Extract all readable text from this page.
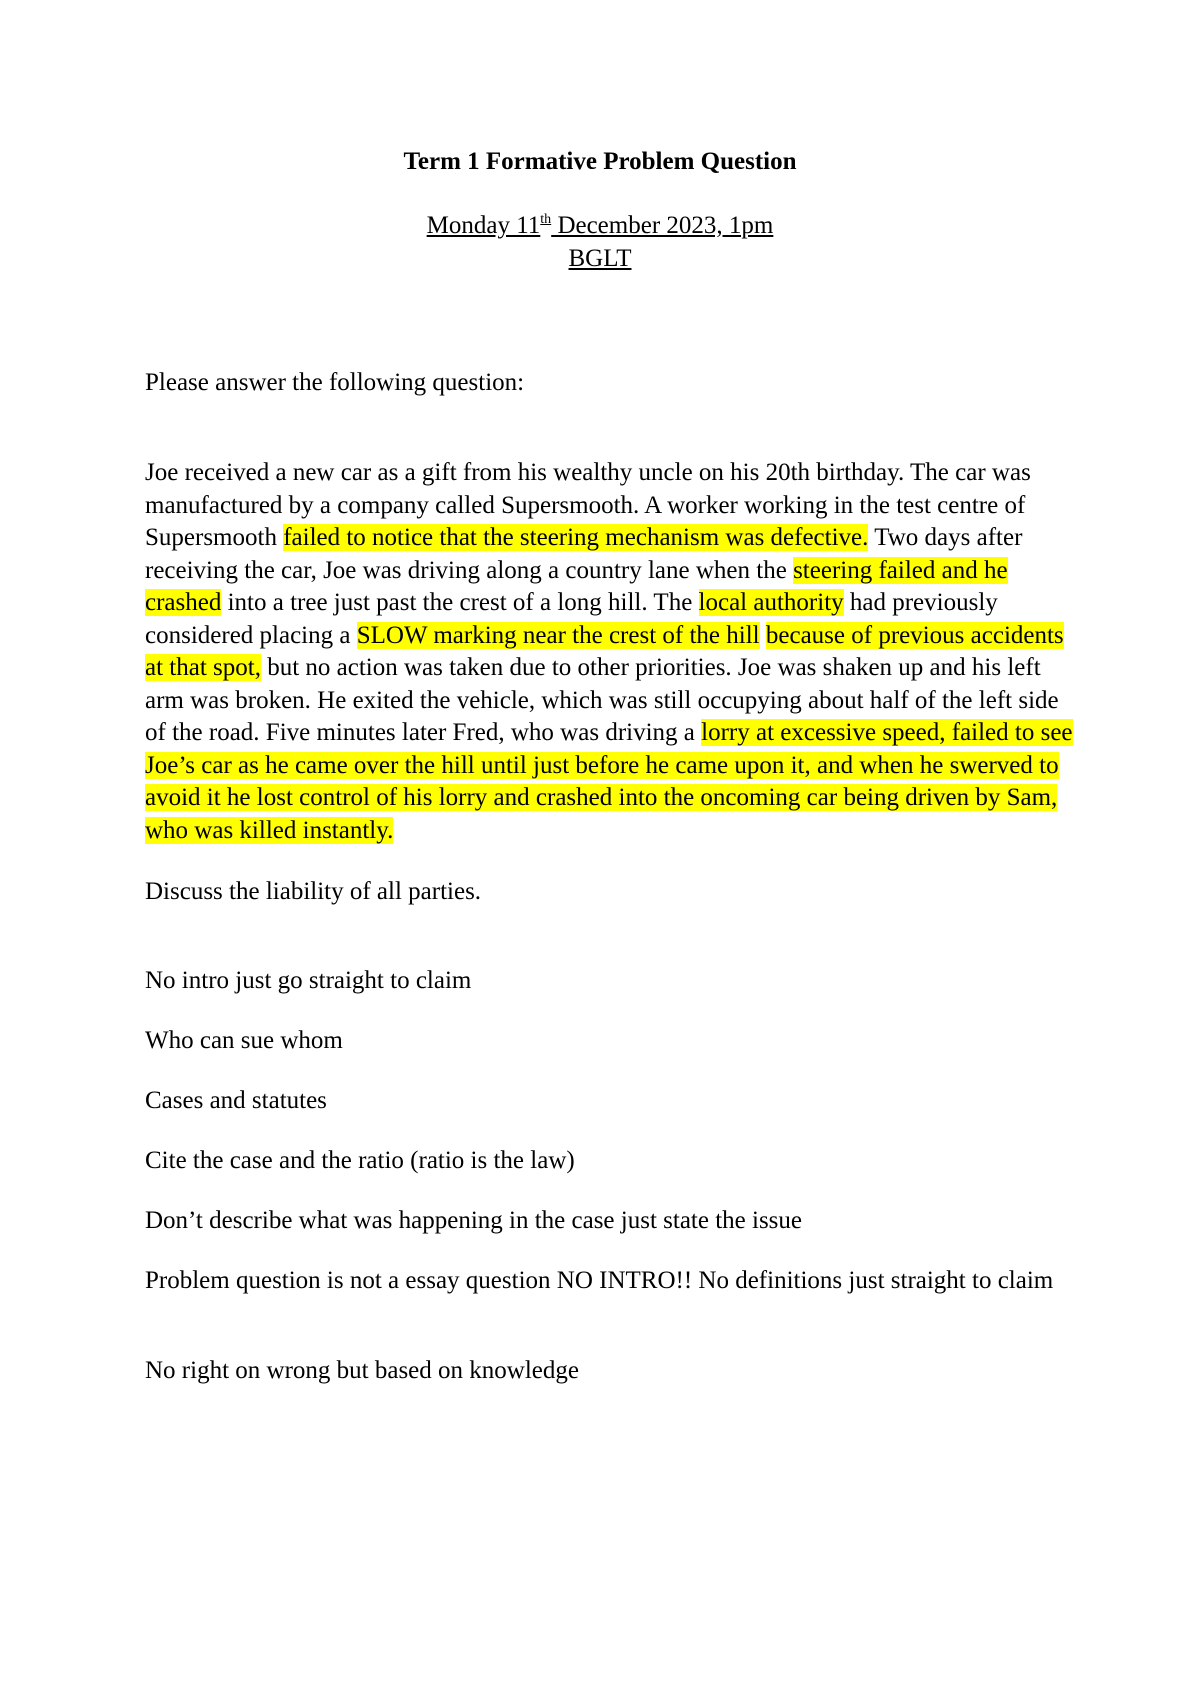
Term 1 Formative Problem Question
Monday 11th December 2023, 1pm
BGLT

Please answer the following question:

Joe received a new car as a gift from his wealthy uncle on his 20th birthday. The car was manufactured by a company called Supersmooth. A worker working in the test centre of Supersmooth failed to notice that the steering mechanism was defective. Two days after receiving the car, Joe was driving along a country lane when the steering failed and he crashed into a tree just past the crest of a long hill. The local authority had previously considered placing a SLOW marking near the crest of the hill because of previous accidents at that spot, but no action was taken due to other priorities. Joe was shaken up and his left arm was broken. He exited the vehicle, which was still occupying about half of the left side of the road. Five minutes later Fred, who was driving a lorry at excessive speed, failed to see Joe’s car as he came over the hill until just before he came upon it, and when he swerved to avoid it he lost control of his lorry and crashed into the oncoming car being driven by Sam, who was killed instantly.

Discuss the liability of all parties.

No intro just go straight to claim

Who can sue whom

Cases and statutes

Cite the case and the ratio (ratio is the law)

Don’t describe what was happening in the case just state the issue

Problem question is not a essay question NO INTRO!! No definitions just straight to claim

No right on wrong but based on knowledge
